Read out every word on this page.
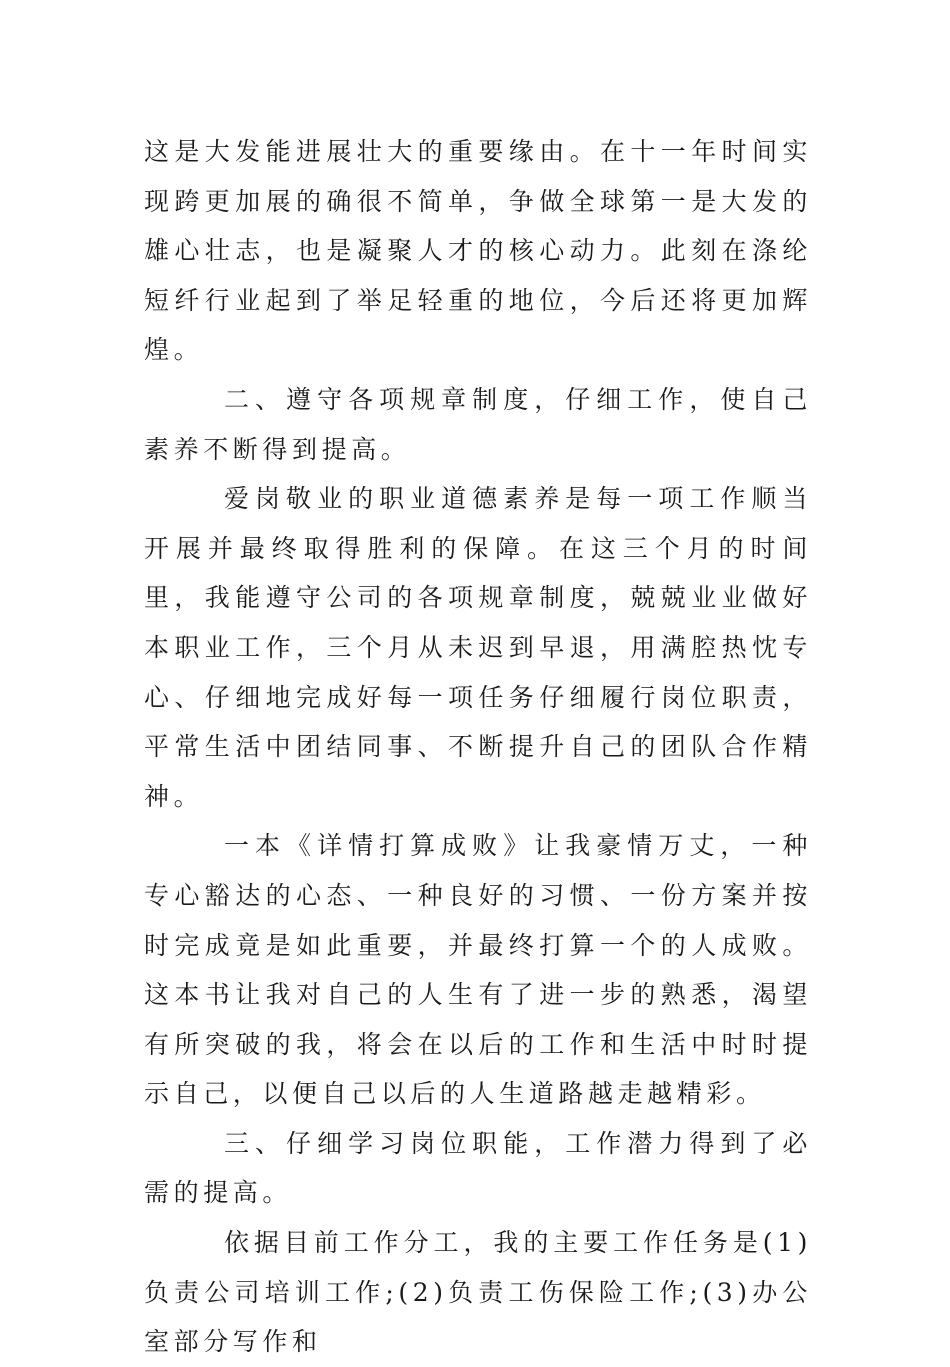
这是大发能进展壮大的重要缘由。在十一年时间实现跨更加展的确很不简单，争做全球第一是大发的雄心壮志，也是凝聚人才的核心动力。此刻在涤纶短纤行业起到了举足轻重的地位，今后还将更加辉煌。

二、遵守各项规章制度，仔细工作，使自己素养不断得到提高。

爱岗敬业的职业道德素养是每一项工作顺当开展并最终取得胜利的保障。在这三个月的时间里，我能遵守公司的各项规章制度，兢兢业业做好本职业工作，三个月从未迟到早退，用满腔热忱专心、仔细地完成好每一项任务仔细履行岗位职责，平常生活中团结同事、不断提升自己的团队合作精神。

一本《详情打算成败》让我豪情万丈，一种专心豁达的心态、一种良好的习惯、一份方案并按时完成竟是如此重要，并最终打算一个的人成败。这本书让我对自己的人生有了进一步的熟悉，渴望有所突破的我，将会在以后的工作和生活中时时提示自己，以便自己以后的人生道路越走越精彩。

三、仔细学习岗位职能，工作潜力得到了必需的提高。

依据目前工作分工，我的主要工作任务是(1)负责公司培训工作;(2)负责工伤保险工作;(3)办公室部分写作和
